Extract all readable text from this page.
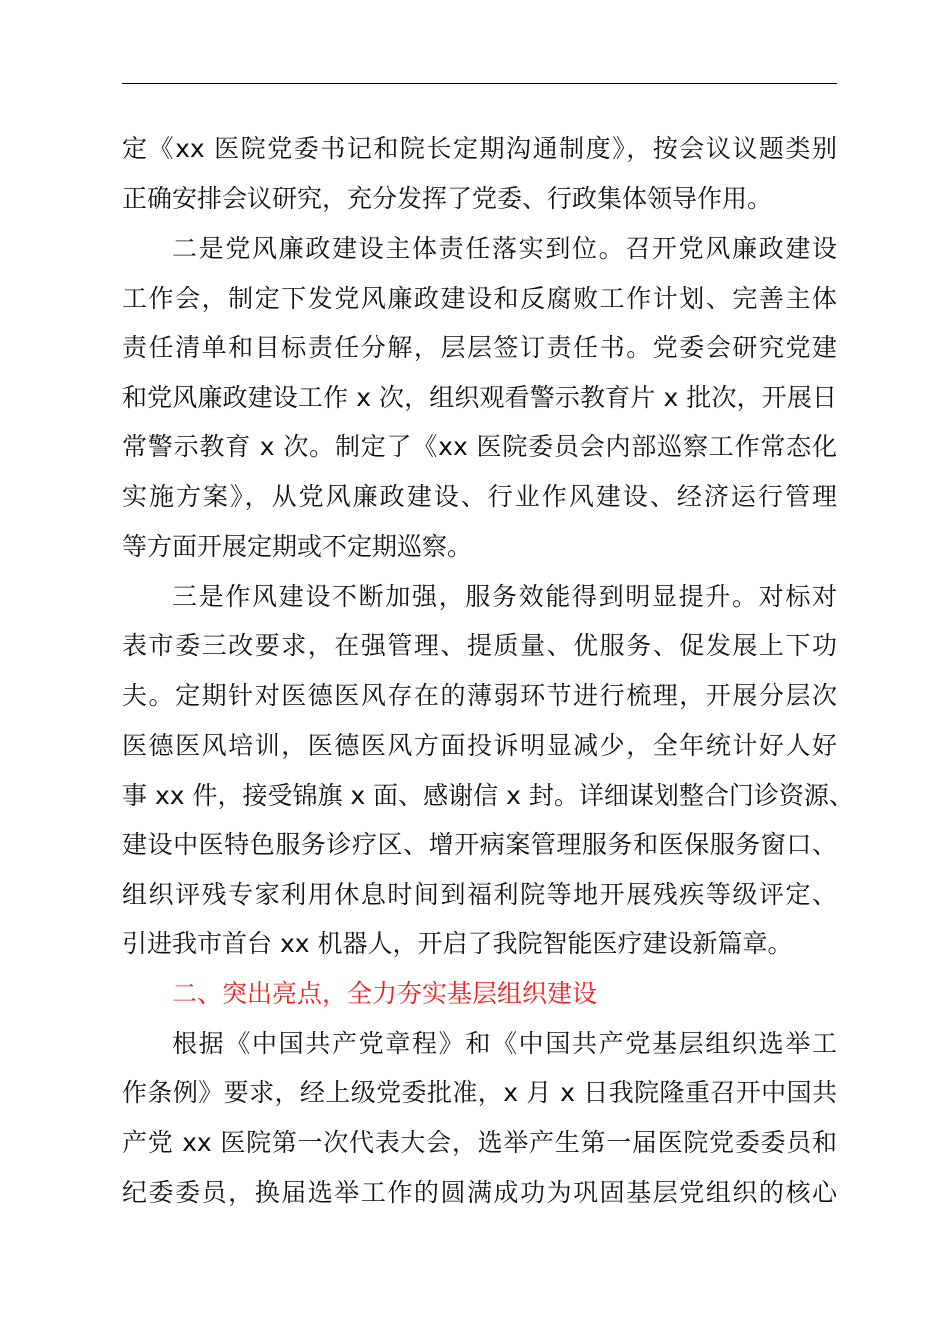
定《xx 医院党委书记和院长定期沟通制度》，按会议议题类别
正确安排会议研究，充分发挥了党委、行政集体领导作用。
二是党风廉政建设主体责任落实到位。召开党风廉政建设
工作会，制定下发党风廉政建设和反腐败工作计划、完善主体
责任清单和目标责任分解，层层签订责任书。党委会研究党建
和党风廉政建设工作 x 次，组织观看警示教育片 x 批次，开展日
常警示教育 x 次。制定了《xx 医院委员会内部巡察工作常态化
实施方案》，从党风廉政建设、行业作风建设、经济运行管理
等方面开展定期或不定期巡察。
三是作风建设不断加强，服务效能得到明显提升。对标对
表市委三改要求，在强管理、提质量、优服务、促发展上下功
夫。定期针对医德医风存在的薄弱环节进行梳理，开展分层次
医德医风培训，医德医风方面投诉明显减少，全年统计好人好
事 xx 件，接受锦旗 x 面、感谢信 x 封。详细谋划整合门诊资源、
建设中医特色服务诊疗区、增开病案管理服务和医保服务窗口、
组织评残专家利用休息时间到福利院等地开展残疾等级评定、
引进我市首台 xx 机器人，开启了我院智能医疗建设新篇章。
二、突出亮点，全力夯实基层组织建设
根据《中国共产党章程》和《中国共产党基层组织选举工
作条例》要求，经上级党委批准，x 月 x 日我院隆重召开中国共
产党 xx 医院第一次代表大会，选举产生第一届医院党委委员和
纪委委员，换届选举工作的圆满成功为巩固基层党组织的核心
